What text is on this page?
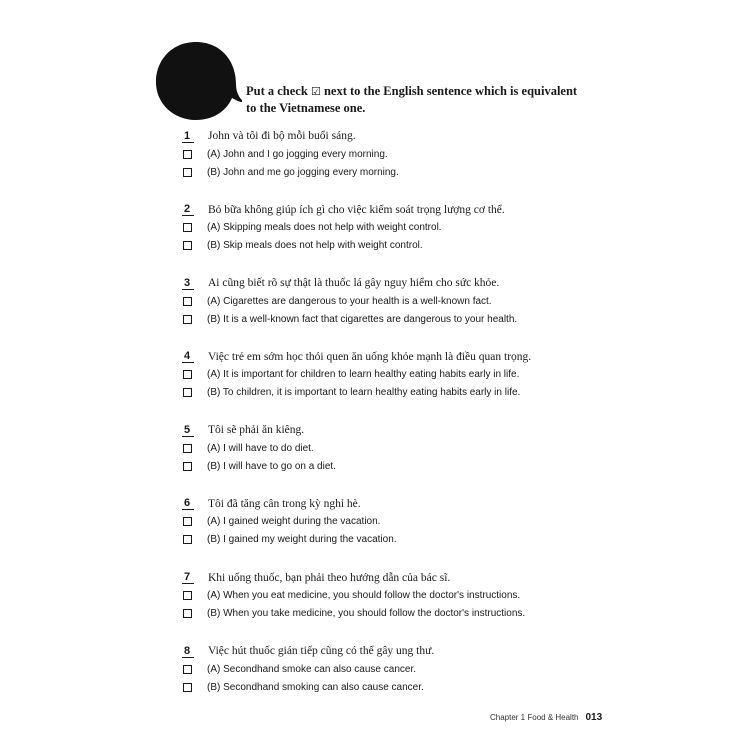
Put a check ☑ next to the English sentence which is equivalent to the Vietnamese one.
1	John và tôi đi bộ mỗi buổi sáng.
(A) John and I go jogging every morning.
(B) John and me go jogging every morning.
2	Bỏ bữa không giúp ích gì cho việc kiểm soát trọng lượng cơ thể.
(A) Skipping meals does not help with weight control.
(B) Skip meals does not help with weight control.
3	Ai cũng biết rõ sự thật là thuốc lá gây nguy hiểm cho sức khỏe.
(A) Cigarettes are dangerous to your health is a well-known fact.
(B) It is a well-known fact that cigarettes are dangerous to your health.
4	Việc trẻ em sớm học thói quen ăn uống khỏe mạnh là điều quan trọng.
(A) It is important for children to learn healthy eating habits early in life.
(B) To children, it is important to learn healthy eating habits early in life.
5	Tôi sẽ phải ăn kiêng.
(A) I will have to do diet.
(B) I will have to go on a diet.
6	Tôi đã tăng cân trong kỳ nghỉ hè.
(A) I gained weight during the vacation.
(B) I gained my weight during the vacation.
7	Khi uống thuốc, bạn phải theo hướng dẫn của bác sĩ.
(A) When you eat medicine, you should follow the doctor's instructions.
(B) When you take medicine, you should follow the doctor's instructions.
8	Việc hút thuốc gián tiếp cũng có thể gây ung thư.
(A) Secondhand smoke can also cause cancer.
(B) Secondhand smoking can also cause cancer.
Chapter 1 Food & Health 013
